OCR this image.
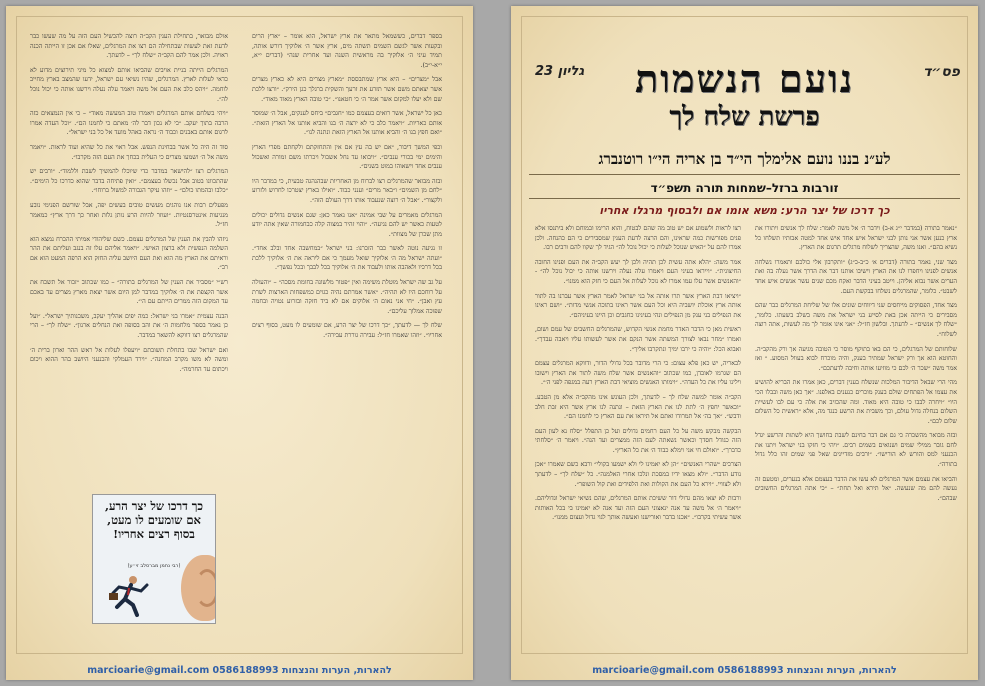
בספר דברים, כששמאל מתאר את ארץ ישראל, הוא אומר – ״ארץ הרים ובקעות אשר לגשם השמים תשתה מים, ארץ אשר ה׳ אלוקיך דורש אותה, תמיד עיני ה׳ אלוקיך בה מראשית השנה ועד אחרית שנה״ (דברים י״א, י״א-י״ב).

אבל ״מצרים״ – היא ארץ שמתבססת ״מארץ מצרים היא לא כארץ מצרים אשר יצאתם משם אשר תזרע את זרעך והשקית ברגלך כגן הירק״. ״ורצו ללכת שם ולא יעלו למקום אשר אמר ה׳ כי חטאנו״. ״כי טובה הארץ מאוד מאוד״.

כאן כל ישראל, אשר רואים בעצמם כמו ״חגבים״ ביחס לענקים, אבל ה׳ שמוסר אותם כאריות. ״ויאמר כלב כי לא ירצה ה׳ בנו והביא אותנו אל הארץ הזאת״. ״ואם חפץ בנו ה׳ והביא אותנו אל הארץ הזאת ונתנה לנו״.

וכפי המשך דיבור, ״אם יש בה עץ אם אין והתחזקתם ולקחתם מפרי הארץ והימים ימי בכורי ענבים״. ״ויבואו עד נחל אשכול ויכרתו משם זמורה ואשכול ענבים אחד וישאוהו במוט בשנים״.

ובזה מבואר שהמרגלים רצו לברוח מן האחריות שבהנהגה טבעית, כי במדבר היו ״לחם מן השמים״ ו״באר מרים״ וענני כבוד. ״ואילו בארץ יצטרכו לחרוש ולזרוע ולקצור״. ״אבל ה׳ רוצה שנעבוד אותו דרך העולם הזה״.

המרגלים מאמרים על שבי אמינה ״אנו נאמר כאן: שגם אנשים גדולים יכולים לטעות כאשר יש להם נגיעה״. ״והוי זהיר במצוה קלה כבחמורה שאין אתה יודע מתן שכרן של מצוות״.

זו נגיעה נוטה לאשר כבר הזכרנו: בני ישראל ״במחשבה אחד ובלב אחד״. ״ועתה ישראל מה ה׳ אלוקיך שואל מעמך כי אם ליראה את ה׳ אלוקיך ללכת בכל דרכיו ולאהבה אותו ולעבוד את ה׳ אלוקיך בכל לבבך ובכל נפשך״.

על גב שה ישראל מוטלת משימה ואין ״פטור מלשונה בחומת מסכה״ – ״והעולה על רוחכם היו לא תהיה״. ״אשר אמרתם נהיה כגוים כמשפחות הארצות לשרת עץ ואבן״. ״חי אני נאום ה׳ אלוקים אם לא ביד חזקה ובזרוע נטויה ובחמה שפוכה אמלוך עליכם״.

שלח לך — לדעתך, ״כך דרכו של יצר הרע, אם שומעים לו מעט, בסוף רצים אחריו״. ״וזהו שאמרו חז״ל: עבירה גוררת עבירה״.

אולם מבואר, בתחילת הענין הקב״ה רוצה להכשיל העם הזה על מה שעשו כבר לדעת זאת לעשות שבתחילה הם רצו את המרגלים, שאלו אם אכן זו הייתה הכנה ראויה. ולכן אמר להם הקב״ה ״שלח לך״ – לדעתך.

המרגלים הייתה בניית אויבים שהביאו אותם למצוא כל מיני תירוצים מדוע לא כדאי לעלות לארץ. המרגלים, שהיו נשיאי עם ישראל, ידעו שהמצב בארץ מחייב לוחמה. ״ויהס כלב את העם אל משה ויאמר עלה נעלה וירשנו אותה כי יכול נוכל לה״.

״ויהי בשלחם אותם המרגלים ויאמרו טוב המעשה מאוד״ – כי אין הנמצאים כזה הרבה בתוך יעקב. ״כי לא נכון דבר לה׳ מאתם כי לחמנו הם״. ״וכל העדה אמרו לרגום אותם באבנים וכבוד ה׳ נראה באהל מועד אל כל בני ישראל״.

סוד זה היה כל אשר בבחינת הנפש. אבל ראוי את כל שהיא ועוד לראות. ״ויאמר משה אל ה׳ ושמעו מצרים כי העלית בכחך את העם הזה מקרבו״.

המרגלים רצו ״להישאר במדבר כדי שיוכלו להמשיך לשבת וללמוד״. ״ורבים יש שהתכוונו בטוב אבל נכשלו בעצמם״. ״ואין פתיחה בדבר שהוא כדרכו כל הימים״. ״כלבו ובהמתו כולם״ – ״וזהו עיקר הגבורה למשול ברוחו״.

מפעלים רבות אנו נוהגים מעשים טובים בעשים יפה, אבל שורשם הפנימי נובע מנגיעות אינטרסנטיות. ״ועוזר להיות הרע נותן גלות ואחר כך דרך ארץ״ כמאמר חז״ל.

ניזהו להבין את הענין של המרגלים עצמם. כשם שליהודי אמיתי ההכרח נמצא הוא השלמה הנפשית ולא ברצון האישי. ״ויאמר אליהם עלו זה בנגב ועליתם את ההר וראיתם את הארץ מה הוא ואת העם היושב עליה החזק הוא הרפה המעט הוא אם רב״.

רש״י ״מסביר את הענין של המרגלים בתורה״ – כמו שכתוב ״זכור אל תשכח את אשר הקצפת את ה׳ אלוקיך במדבר למן היום אשר יצאת מארץ מצרים עד באכם עד המקום הזה ממרים הייתם עם ה׳״.

הבנה עצמית ״אמרו בני ישראל: כמה יפים אהליך יעקב, משכנותיך ישראל״. ״ועל כן נאמר בספר מלחמות ה׳ את והב בסופה ואת הנחלים ארנון״. ״שלח לך״ – הרי שהמרגלים רצו דווקא להשאר במדבר.

ואם ישראל שבו בתחלת תשובתם ״ויעפלו לעלות אל ראש ההר וארון ברית ה׳ ומשה לא משו מקרב המחנה״. ״וירד העמלקי והכנעני היושב בהר ההוא ויכום ויכתום עד החרמה״.

כך דרכו של יצר הרע, אם שומעים לו מעט, בסוף רצים אחריו!
(רבי נחמן מברסלב זי״ע)
להארות, הערות והנצחות 0586188993 marcioarie@gmail.com
פס״ד
גליון 23	נועם הנשמות
פרשת שלח לך
לע״נ בננו נועם אלימלך הי״ד בן אריה הי״ו רוטנברג
זורבות ברזל–שמחות תורה תשפ״ד
כך דרכו של יצר הרע: משא אומו אם ולבסוף מרגלו אחריו

״נאמר בתורה (במדבר י״ג א-ב) וידבר ה׳ אל משה לאמר: שלח לך אנשים ויתורו את ארץ כנען אשר אני נותן לבני ישראל איש אחד איש אחד למטה אבותיו תשלחו כל נשיא בהם״. ואנו משה, שהצריך לשלוח מרגלים תרגום את הארץ.

מצד שני, נאמר בתורה (דברים א׳ כ״ב-כ״ג) ״ותקרבון אלי כולכם ותאמרו נשלחה אנשים לפנינו ויחפרו לנו את הארץ וישיבו אותנו דבר את הדרך אשר נעלה בה ואת הערים אשר נבוא אליהן. וייטב בעיני הדבר ואקח מכם שנים עשר אנשים איש אחד לשבט״. כלומר, שהמרגלים נשלחו בבקשת העם.

מצד אחד, הפסוקים מייחסים שני דיווחים שונים אלו של שליחת המרגלים כבר שהם מסבירים כי הייתה אכן באת לסייע בני ישראל את משה בשלב בשעתו. כלומר, ״שלח לך אנשים״ – לדעתך. ובלשון חז״ל: ״אני אינו אומר לך מה לעשות, אתה רוצה לשלוח״.

שלוחותם של המרגלים, כי הם באו בתוקף מוסר כי הטובה מגיעה אך ורק מהקב״ה. והחוטא הוא אך ורק ישראל שמתיר בענק, והיה מוכרח לבוא בעוול המסוע. ״ ואז אמר משה ״שכר ה׳ לכם כי מוזיעו אותה וחיבה לדעתכם״.

מהי הרי שבאל הדיבור המלכות שנשלח בענין דברים, כאן אמרו את הבריא להושיע את עצמו אל הפתחים שולם בענק מוכרים כנענים באלפנו. ״אך כאן משה ובבלו הכי היו״ ״ויחרה לבבו כי טובה היא מאוד. ומה שהכזיב את אלה כי עם לבו לעשיית השלום בנחלה גדול עולם, וכך משבית את הרשע כנגד מה, אלא ״ראשית כל השלום שלום לכם״.

ובזה מבואר מהשכרה כי גם אם דבר בחינם לשבת בחושך היא לשתות והרשע יגדל לחם גובר ממילי שמים ושנואים בשמים רבים. ״ויהי כי חזקו בני ישראל ויתנו את הכנעני למס והורש לא הורישו״. ״ורבים מזדיינים שאל פני שמים זהו כלל גדול בתורה״.

והביאו את עצמם אשר המרגלים לא עשו את הדבר בעצמם אלא בנערים, ומטעם זה נעשה להם מה שנעשה. ״אל תירא ואל תחת״ – ״כי אתה המרגלים החשובים שבהם״.

רצו לראות ולשמוע אם יש טוב מה שהם לבטוח, והוא הרימו ובמוחם ולא ביתנסו אלא פנים מפורשות כמה שראינו, והם הרצה לדעת הענין שמסבירים כי הם כהנחה. ולכן אמרו להם על ״האיש שנוכל לעלות כי יכול נוכל לה״ הגיד לך שקוו להם ורבים רבו.

אמר משה: ״הלא אתה עשית לכן תהיה ולכן לך יעש הקב״ה את העם ופנינו החובה החיצונית״. ״וייראו בעיני העם ויאמרו עלה נעלה וירשנו אותה כי יכול נוכל לה״ - ״והאנשים אשר עלו עמו אמרו לא נוכל לעלות אל העם כי חזק הוא ממנו״.

״ויציאו דבת הארץ אשר תרו אותה אל בני ישראל לאמר הארץ אשר עברנו בה לתור אותה ארץ אוכלת יושביה היא וכל העם אשר ראינו בתוכה אנשי מדות״. ״ושם ראינו את הנפילים בני ענק מן הנפילים ונהי בעינינו כחגבים וכן היינו בעיניהם״.

ראשית מאן כי הדבר האדר מחמת אנשי הקדוש, שהמרגלים החשבים של עמם ושום, ואמרו ״מחר נבאו לצורך המשתה אשר הנקם את אשר לעשותו עליו ויאבה עבדך״. ואבוא הכל: ״והיה כי ירבו ימיך ונתקרבו אליך״.

לבאריה, יש כאן פלא עצום: כי הרי מדובר בכל גדולי הדור, ודווקא המרגלים עצמם הם שגרמו לאובדן, כמו שכתוב ״והאנשים אשר שלח משה לתור את הארץ וישובו וילינו עליו את כל העדה״. ״וימותו האנשים מוציאי דבת הארץ רעה במגפה לפני ה׳״.

הקב״ה אומר למשה שלח לך – לדעתך, ולכן העונש אינו מהקב״ה אלא מן הטבע. ״וכאשר יחפץ ה׳ לתת לנו את הארץ הזאת – ונתנה לנו ארץ אשר היא זבת חלב ודבש״. ״אך בה׳ אל תמרודו ואתם אל תיראו את עם הארץ כי לחמנו הם״.

הבקשה מבקש משה על כל העם רחמים גדולים ועל כן התפלל ״סלח נא לעון העם הזה כגודל חסדך וכאשר נשאתה לעם הזה ממצרים ועד הנה״. ויאמר ה׳ ״סלחתי כדברך״. ״ואולם חי אני וימלא כבוד ה׳ את כל הארץ״.

הצרכים ״שהרי האנשים״ ״הן לא יאמינו לי ולא ישמעו בקולי״ ורבא כשם שאמרו ״אכן נודע הדבר״. ״ולא מצאו ידיו במסכת ונלכו אחרי האלמנה״. כל ״שלח לך״ – לדעתך ולא לצוויי. ״וירא כל העם את הקולות ואת הלפידים ואת קול השופר״.

ורבות לא יצאו מהם גדולי דור ששיכת אותם המרגלים, שהם נשיאי ישראל וגדוליהם. ״ויאמר ה׳ אל משה עד אנה ינאצוני העם הזה ועד אנה לא יאמינו בי בכל האותות אשר עשיתי בקרבו״. ״אכנו בדבר ואורישנו ואעשה אותך לגוי גדול ועצום ממנו״.

להארות, הערות והנצחות 0586188993 marcioarie@gmail.com
